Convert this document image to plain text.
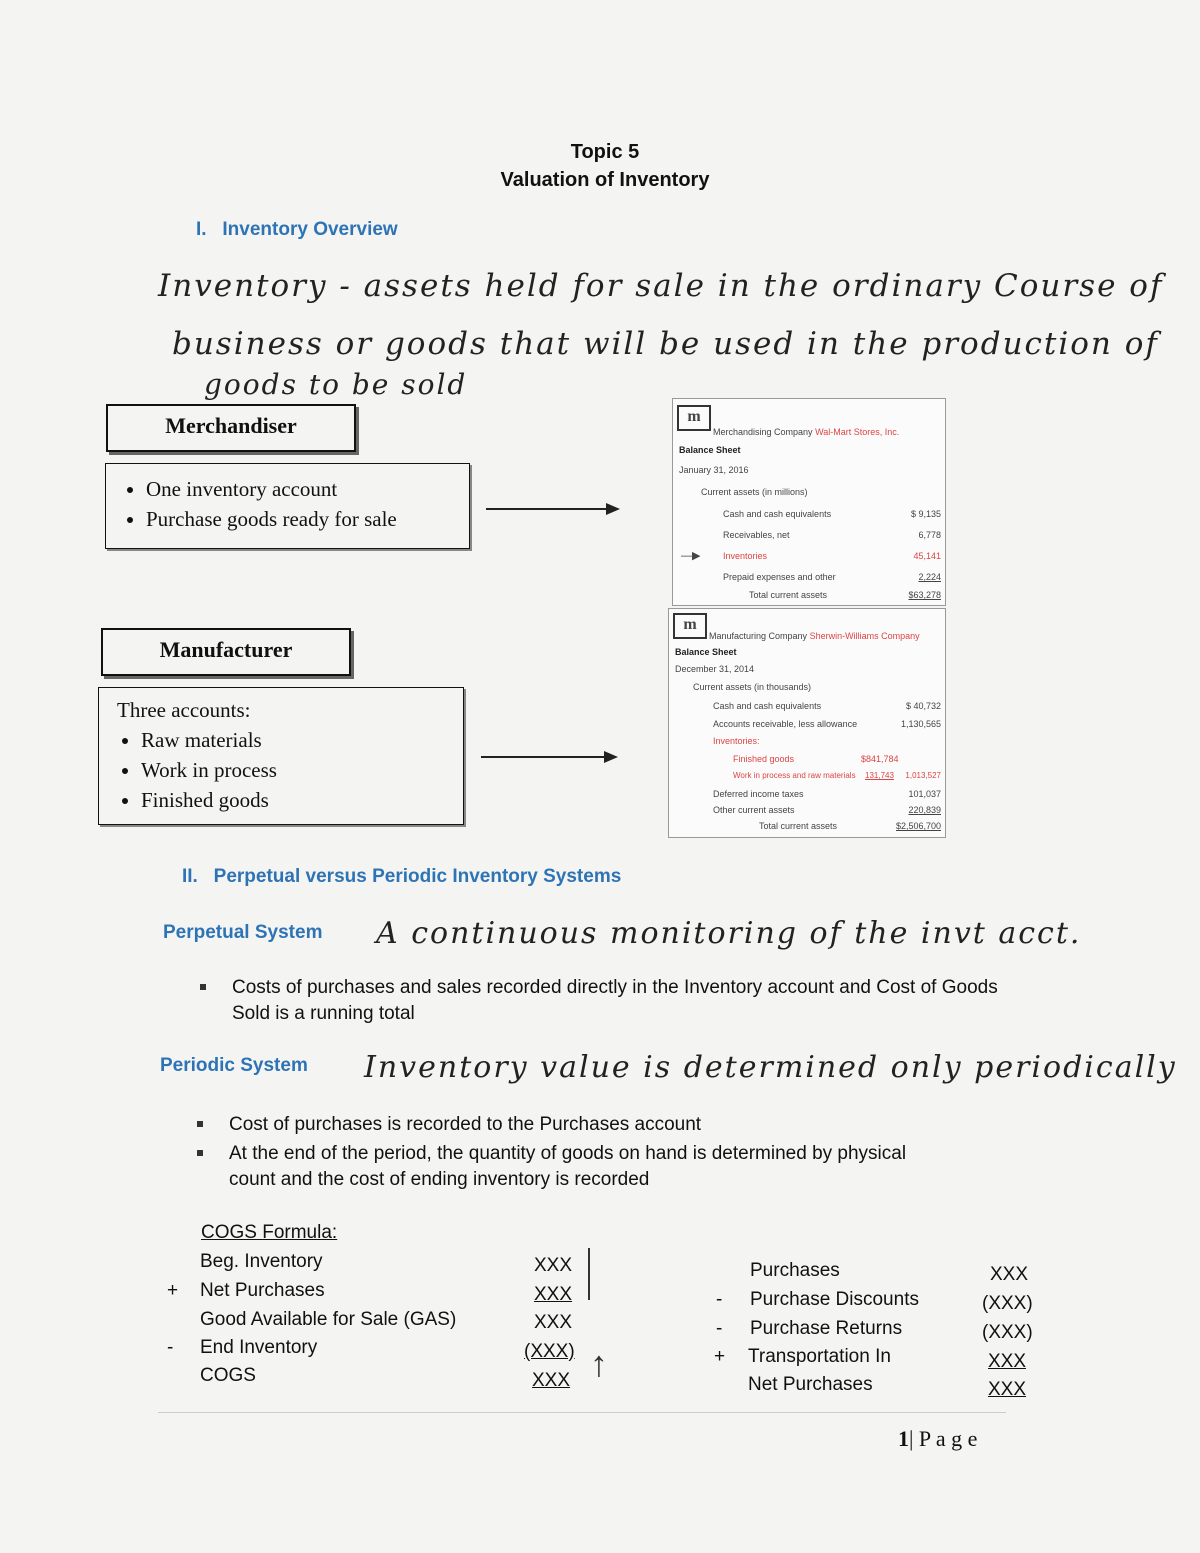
Topic 5
Valuation of Inventory
I.   Inventory Overview
Inventory - assets held for sale in the ordinary Course of
business or goods that will be used in the production of
goods to be sold
Merchandiser
• One inventory account
• Purchase goods ready for sale
m
Merchandising Company Wal-Mart Stores, Inc.
Balance Sheet
January 31, 2016
Current assets (in millions)
Cash and cash equivalents	$ 9,135
Receivables, net	6,778
—▶	Inventories	45,141
Prepaid expenses and other	2,224
Total current assets	$63,278
Manufacturer
Three accounts:
• Raw materials
• Work in process
• Finished goods
m
Manufacturing Company Sherwin-Williams Company
Balance Sheet
December 31, 2014
Current assets (in thousands)
Cash and cash equivalents	$ 40,732
Accounts receivable, less allowance	1,130,565
Inventories:
Finished goods	$841,784
Work in process and raw materials 131,743 1,013,527
Deferred income taxes	101,037
Other current assets	220,839
Total current assets	$2,506,700
II.   Perpetual versus Periodic Inventory Systems
Perpetual System A continuous monitoring of the invt acct.
Costs of purchases and sales recorded directly in the Inventory account and Cost of Goods Sold is a running total
Periodic System Inventory value is determined only periodically
Cost of purchases is recorded to the Purchases account
At the end of the period, the quantity of goods on hand is determined by physical count and the cost of ending inventory is recorded
COGS Formula:
Beg. Inventory	XXX
+ Net Purchases	XXX
Good Available for Sale (GAS)	XXX
- End Inventory	(XXX)
COGS	XXX ↑
Purchases	XXX
- Purchase Discounts	(XXX)
- Purchase Returns	(XXX)
+ Transportation In	XXX
Net Purchases	XXX
1| P a g e
